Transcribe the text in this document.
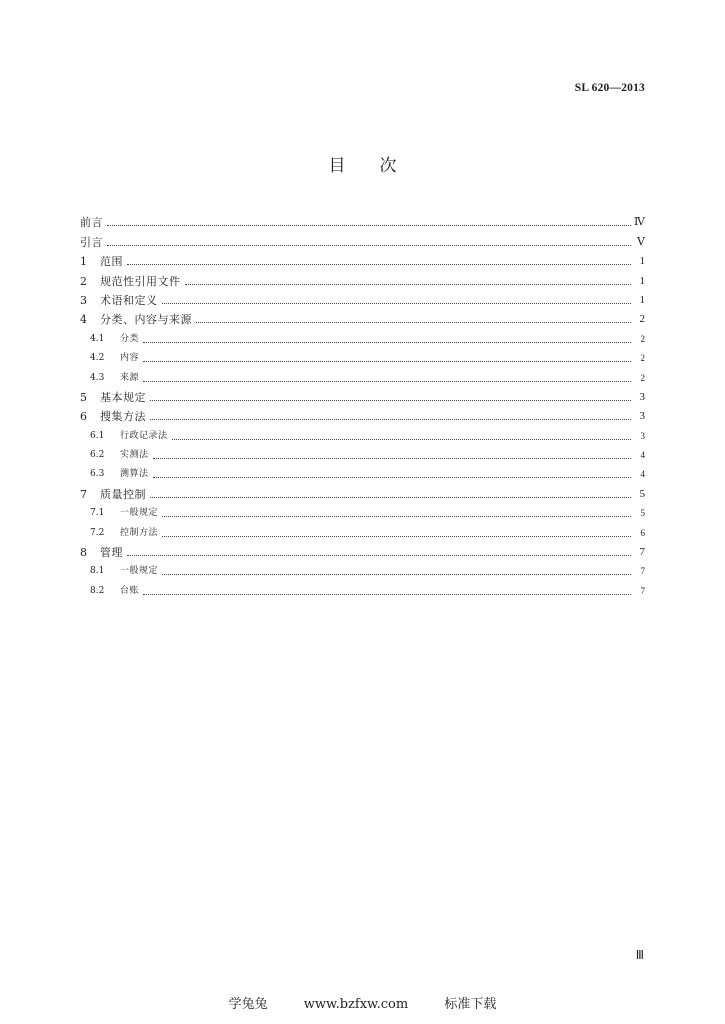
SL 620—2013
目次
前言	Ⅳ
引言	Ⅴ
1	范围	1
2	规范性引用文件	1
3	术语和定义	1
4	分类、内容与来源	2
4.1	分类	2
4.2	内容	2
4.3	来源	2
5	基本规定	3
6	搜集方法	3
6.1	行政记录法	3
6.2	实测法	4
6.3	测算法	4
7	质量控制	5
7.1	一般规定	5
7.2	控制方法	6
8	管理	7
8.1	一般规定	7
8.2	台账	7
Ⅲ
学兔兔	www.bzfxw.com	标准下载
